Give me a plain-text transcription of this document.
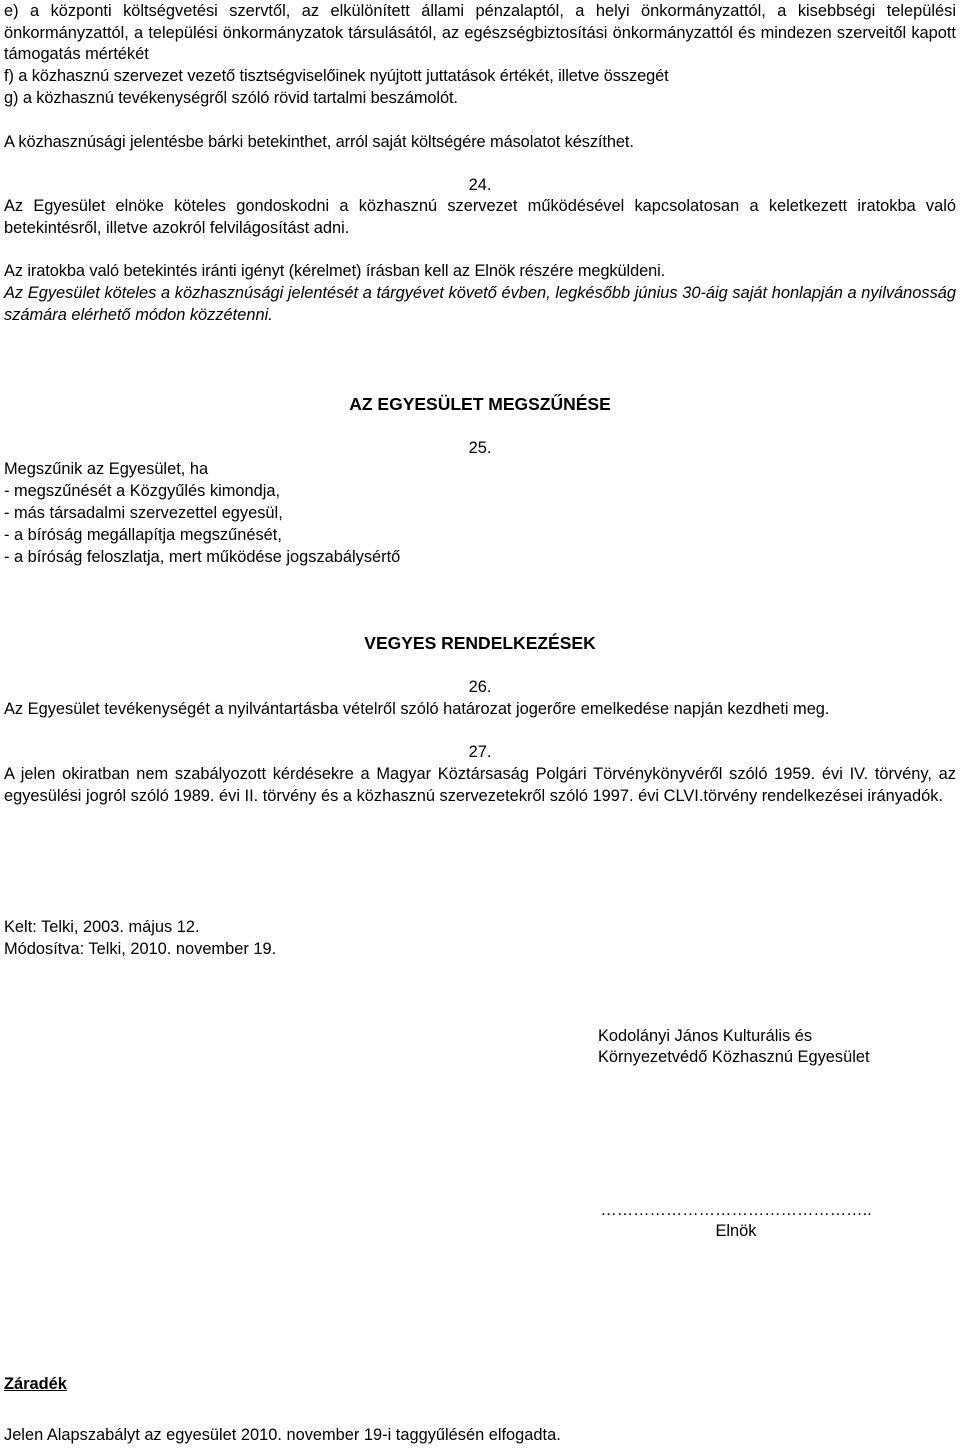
e) a központi költségvetési szervtől, az elkülönített állami pénzalaptól, a helyi önkormányzattól, a kisebbségi települési önkormányzattól, a települési önkormányzatok társulásától, az egészségbiztosítási önkormányzattól és mindezen szerveitől kapott támogatás mértékét

f) a közhasznú szervezet vezető tisztségviselőinek nyújtott juttatások értékét, illetve összegét

g) a közhasznú tevékenységről szóló rövid tartalmi beszámolót.

A közhasznúsági jelentésbe bárki betekinthet, arról saját költségére másolatot készíthet.

24.

Az Egyesület elnöke köteles gondoskodni a közhasznú szervezet működésével kapcsolatosan a keletkezett iratokba való betekintésről, illetve azokról felvilágosítást adni.

Az iratokba való betekintés iránti igényt (kérelmet) írásban kell az Elnök részére megküldeni.

Az Egyesület köteles a közhasznúsági jelentését a tárgyévet követő évben, legkésőbb június 30-áig saját honlapján a nyilvánosság számára elérhető módon közzétenni.

AZ EGYESÜLET MEGSZŰNÉSE

25.

Megszűnik az Egyesület, ha

- megszűnését a Közgyűlés kimondja,

- más társadalmi szervezettel egyesül,

- a bíróság megállapítja megszűnését,

- a bíróság feloszlatja, mert működése jogszabálysértő

VEGYES RENDELKEZÉSEK

26.

Az Egyesület tevékenységét a nyilvántartásba vételről szóló határozat jogerőre emelkedése napján kezdheti meg.

27.

A jelen okiratban nem szabályozott kérdésekre a Magyar Köztársaság Polgári Törvénykönyvéről szóló 1959. évi IV. törvény, az egyesülési jogról szóló 1989. évi II. törvény és a közhasznú szervezetekről szóló 1997. évi CLVI.törvény rendelkezései irányadók.

Kelt: Telki, 2003. május 12.

Módosítva: Telki, 2010. november 19.

Kodolányi János Kulturális és

Környezetvédő Közhasznú Egyesület

…………………………………………..

Elnök

Záradék

Jelen Alapszabályt az egyesület 2010. november 19-i taggyűlésén elfogadta.
